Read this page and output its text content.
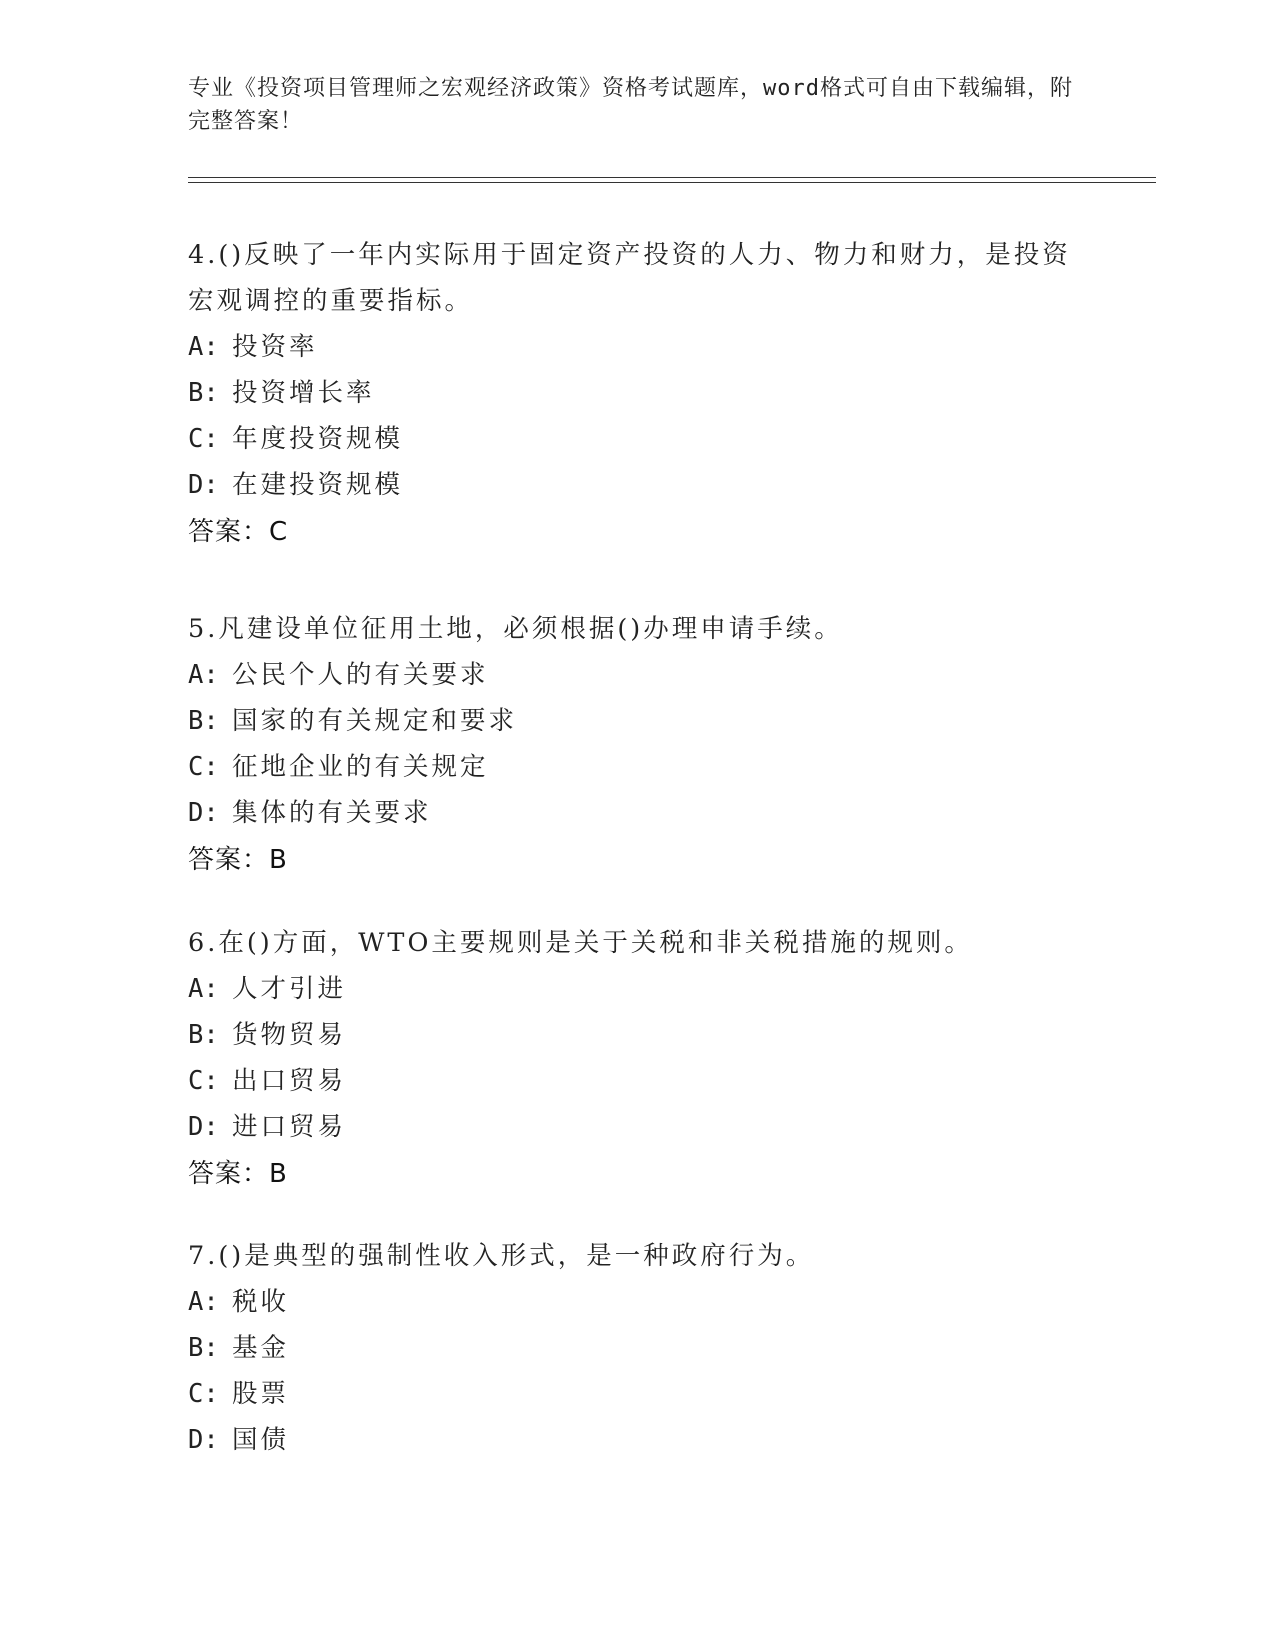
专业《投资项目管理师之宏观经济政策》资格考试题库，word格式可自由下载编辑，附完整答案！

4.()反映了一年内实际用于固定资产投资的人力、物力和财力，是投资宏观调控的重要指标。

A: 投资率

B: 投资增长率

C: 年度投资规模

D: 在建投资规模

答案：C

5.凡建设单位征用土地，必须根据()办理申请手续。

A: 公民个人的有关要求

B: 国家的有关规定和要求

C: 征地企业的有关规定

D: 集体的有关要求

答案：B

6.在()方面，WTO主要规则是关于关税和非关税措施的规则。

A: 人才引进

B: 货物贸易

C: 出口贸易

D: 进口贸易

答案：B

7.()是典型的强制性收入形式，是一种政府行为。

A: 税收

B: 基金

C: 股票

D: 国债
